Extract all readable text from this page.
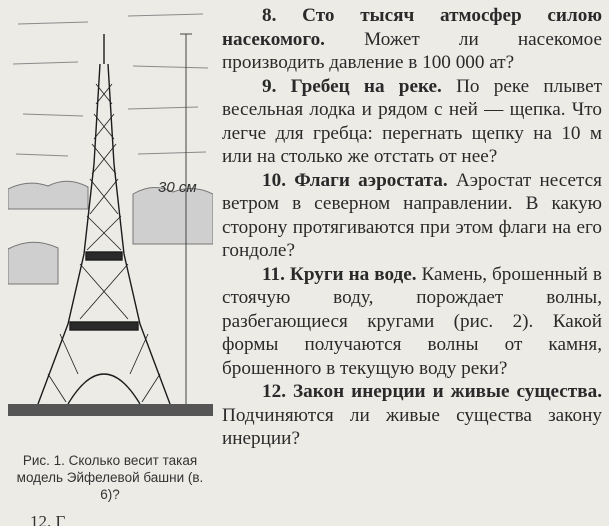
30 см
Рис. 1. Сколько весит такая модель Эйфелевой башни (в. 6)?
12. Г

8. Сто тысяч атмосфер силою насекомого. Может ли насекомое производить давление в 100 000 ат?

9. Гребец на реке. По реке плывет весельная лодка и рядом с ней — щепка. Что легче для гребца: перегнать щепку на 10 м или на столько же отстать от нее?

10. Флаги аэростата. Аэростат несется ветром в северном направлении. В какую сторону протягиваются при этом флаги на его гондоле?

11. Круги на воде. Камень, брошенный в стоячую воду, порождает волны, разбегающиеся кругами (рис. 2). Какой формы получаются волны от камня, брошенного в текущую воду реки?

12. Закон инерции и живые существа. Подчиняются ли живые существа закону инерции?
